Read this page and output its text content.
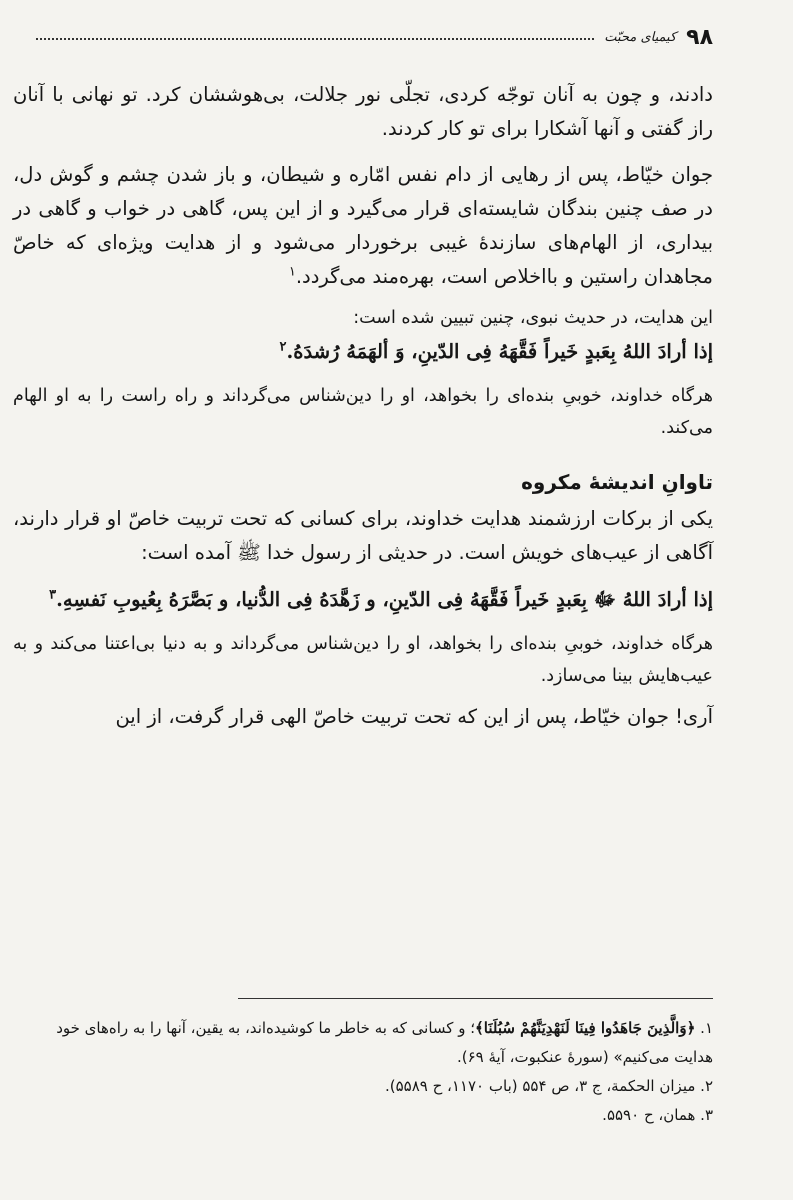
۹۸
کیمیای محبّت

دادند، و چون به آنان توجّه کردی، تجلّی نور جلالت، بی‌هوششان کرد. تو نهانی با آنان راز گفتی و آنها آشکارا برای تو کار کردند.

جوان خیّاط، پس از رهایی از دام نفس امّاره و شیطان، و باز شدن چشم و گوش دل، در صف چنین بندگان شایسته‌ای قرار می‌گیرد و از این پس، گاهی در خواب و گاهی در بیداری، از الهام‌های سازندهٔ غیبی برخوردار می‌شود و از هدایت ویژه‌ای که خاصّ مجاهدان راستین و بااخلاص است، بهره‌مند می‌گردد.$^۱$

این هدایت، در حدیث نبوی، چنین تبیین شده است:

إذا أرادَ اللهُ بِعَبدٍ خَیراً فَقَّهَهُ فِی الدّینِ، وَ ألهَمَهُ رُشدَهُ.$^۲$

هرگاه خداوند، خوبیِ بنده‌ای را بخواهد، او را دین‌شناس می‌گرداند و راه راست را به او الهام می‌کند.

تاوانِ اندیشهٔ مکروه

یکی از برکات ارزشمند هدایت خداوند، برای کسانی که تحت تربیت خاصّ او قرار دارند، آگاهی از عیب‌های خویش است. در حدیثی از رسول خدا ﷺ آمده است:

إذا أرادَ اللهُ ﷻ بِعَبدٍ خَیراً فَقَّهَهُ فِی الدّینِ، و زَهَّدَهُ فِی الدُّنیا، و بَصَّرَهُ بِعُیوبِ نَفسِهِ.$^۳$

هرگاه خداوند، خوبیِ بنده‌ای را بخواهد، او را دین‌شناس می‌گرداند و به دنیا بی‌اعتنا می‌کند و به عیب‌هایش بینا می‌سازد.

آری! جوان خیّاط، پس از این که تحت تربیت خاصّ الهی قرار گرفت، از این

۱. ﴿وَالَّذِینَ جَاهَدُوا فِینَا لَنَهْدِیَنَّهُمْ سُبُلَنَا﴾؛ و کسانی که به خاطر ما کوشیده‌اند، به یقین، آنها را به راه‌های خود هدایت می‌کنیم» (سورهٔ عنکبوت، آیهٔ ۶۹).

۲. میزان الحکمة، ج ۳، ص ۵۵۴ (باب ۱۱۷۰، ح ۵۵۸۹).

۳. همان، ح ۵۵۹۰.
